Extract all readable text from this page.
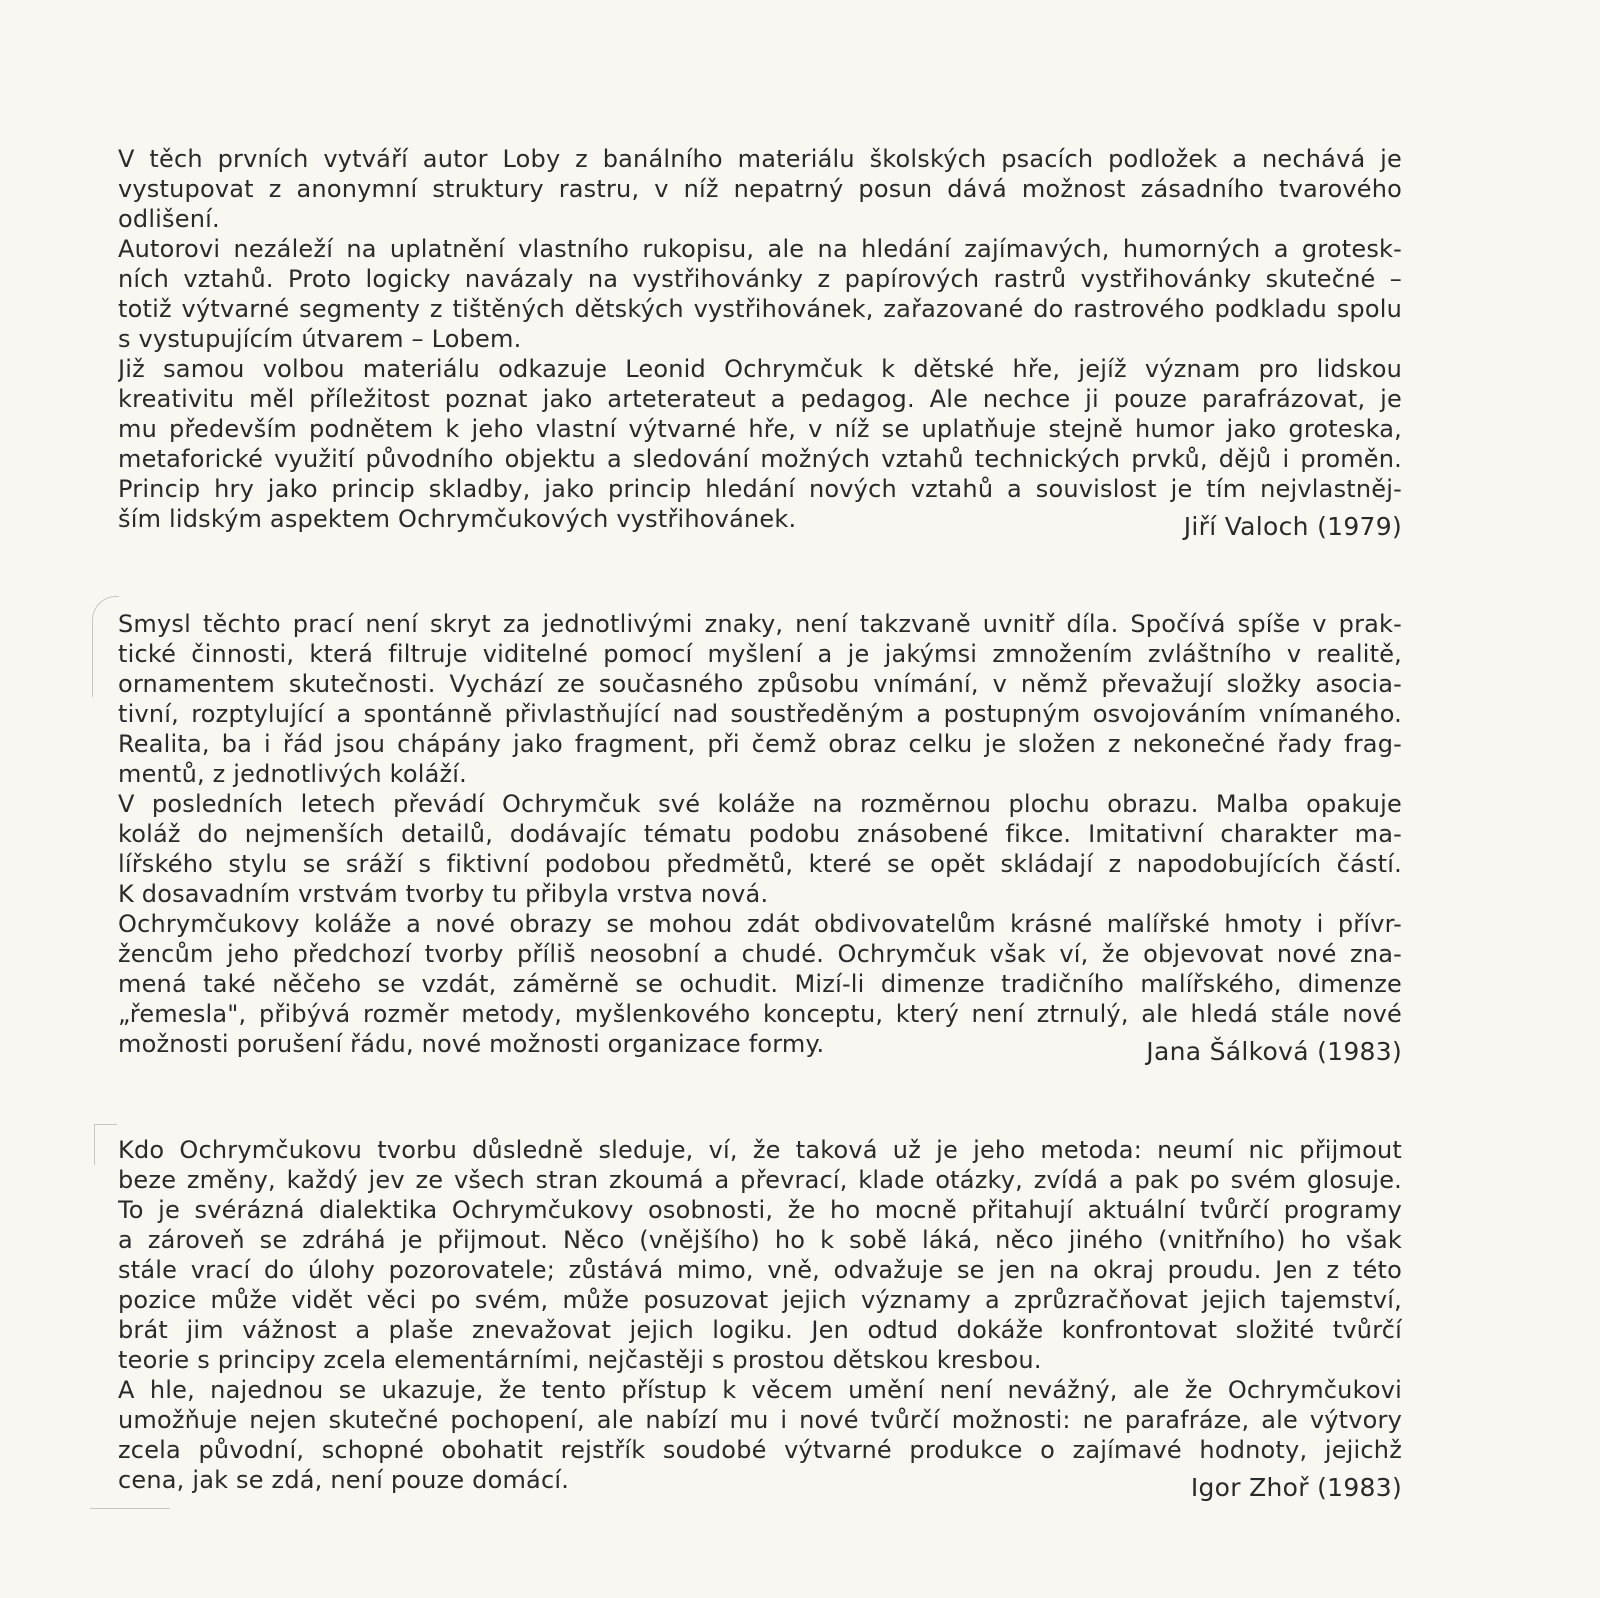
V těch prvních vytváří autor Loby z banálního materiálu školských psacích podložek a nechává je
vystupovat z anonymní struktury rastru, v níž nepatrný posun dává možnost zásadního tvarového
odlišení.
Autorovi nezáleží na uplatnění vlastního rukopisu, ale na hledání zajímavých, humorných a grotesk-
ních vztahů. Proto logicky navázaly na vystřihovánky z papírových rastrů vystřihovánky skutečné –
totiž výtvarné segmenty z tištěných dětských vystřihovánek, zařazované do rastrového podkladu spolu
s vystupujícím útvarem – Lobem.
Již samou volbou materiálu odkazuje Leonid Ochrymčuk k dětské hře, jejíž význam pro lidskou
kreativitu měl příležitost poznat jako arteterateut a pedagog. Ale nechce ji pouze parafrázovat, je
mu především podnětem k jeho vlastní výtvarné hře, v níž se uplatňuje stejně humor jako groteska,
metaforické využití původního objektu a sledování možných vztahů technických prvků, dějů i proměn.
Princip hry jako princip skladby, jako princip hledání nových vztahů a souvislost je tím nejvlastněj-
ším lidským aspektem Ochrymčukových vystřihovánek.	Jiří Valoch (1979)
Smysl těchto prací není skryt za jednotlivými znaky, není takzvaně uvnitř díla. Spočívá spíše v prak-
tické činnosti, která filtruje viditelné pomocí myšlení a je jakýmsi zmnožením zvláštního v realitě,
ornamentem skutečnosti. Vychází ze současného způsobu vnímání, v němž převažují složky asocia-
tivní, rozptylující a spontánně přivlastňující nad soustředěným a postupným osvojováním vnímaného.
Realita, ba i řád jsou chápány jako fragment, při čemž obraz celku je složen z nekonečné řady frag-
mentů, z jednotlivých koláží.
V posledních letech převádí Ochrymčuk své koláže na rozměrnou plochu obrazu. Malba opakuje
koláž do nejmenších detailů, dodávajíc tématu podobu znásobené fikce. Imitativní charakter ma-
lířského stylu se sráží s fiktivní podobou předmětů, které se opět skládají z napodobujících částí.
K dosavadním vrstvám tvorby tu přibyla vrstva nová.
Ochrymčukovy koláže a nové obrazy se mohou zdát obdivovatelům krásné malířské hmoty i přívr-
žencům jeho předchozí tvorby příliš neosobní a chudé. Ochrymčuk však ví, že objevovat nové zna-
mená také něčeho se vzdát, záměrně se ochudit. Mizí-li dimenze tradičního malířského, dimenze
„řemesla", přibývá rozměr metody, myšlenkového konceptu, který není ztrnulý, ale hledá stále nové
možnosti porušení řádu, nové možnosti organizace formy.	Jana Šálková (1983)
Kdo Ochrymčukovu tvorbu důsledně sleduje, ví, že taková už je jeho metoda: neumí nic přijmout
beze změny, každý jev ze všech stran zkoumá a převrací, klade otázky, zvídá a pak po svém glosuje.
To je svérázná dialektika Ochrymčukovy osobnosti, že ho mocně přitahují aktuální tvůrčí programy
a zároveň se zdráhá je přijmout. Něco (vnějšího) ho k sobě láká, něco jiného (vnitřního) ho však
stále vrací do úlohy pozorovatele; zůstává mimo, vně, odvažuje se jen na okraj proudu. Jen z této
pozice může vidět věci po svém, může posuzovat jejich významy a zprůzračňovat jejich tajemství,
brát jim vážnost a plaše znevažovat jejich logiku. Jen odtud dokáže konfrontovat složité tvůrčí
teorie s principy zcela elementárními, nejčastěji s prostou dětskou kresbou.
A hle, najednou se ukazuje, že tento přístup k věcem umění není nevážný, ale že Ochrymčukovi
umožňuje nejen skutečné pochopení, ale nabízí mu i nové tvůrčí možnosti: ne parafráze, ale výtvory
zcela původní, schopné obohatit rejstřík soudobé výtvarné produkce o zajímavé hodnoty, jejichž
cena, jak se zdá, není pouze domácí.	Igor Zhoř (1983)
